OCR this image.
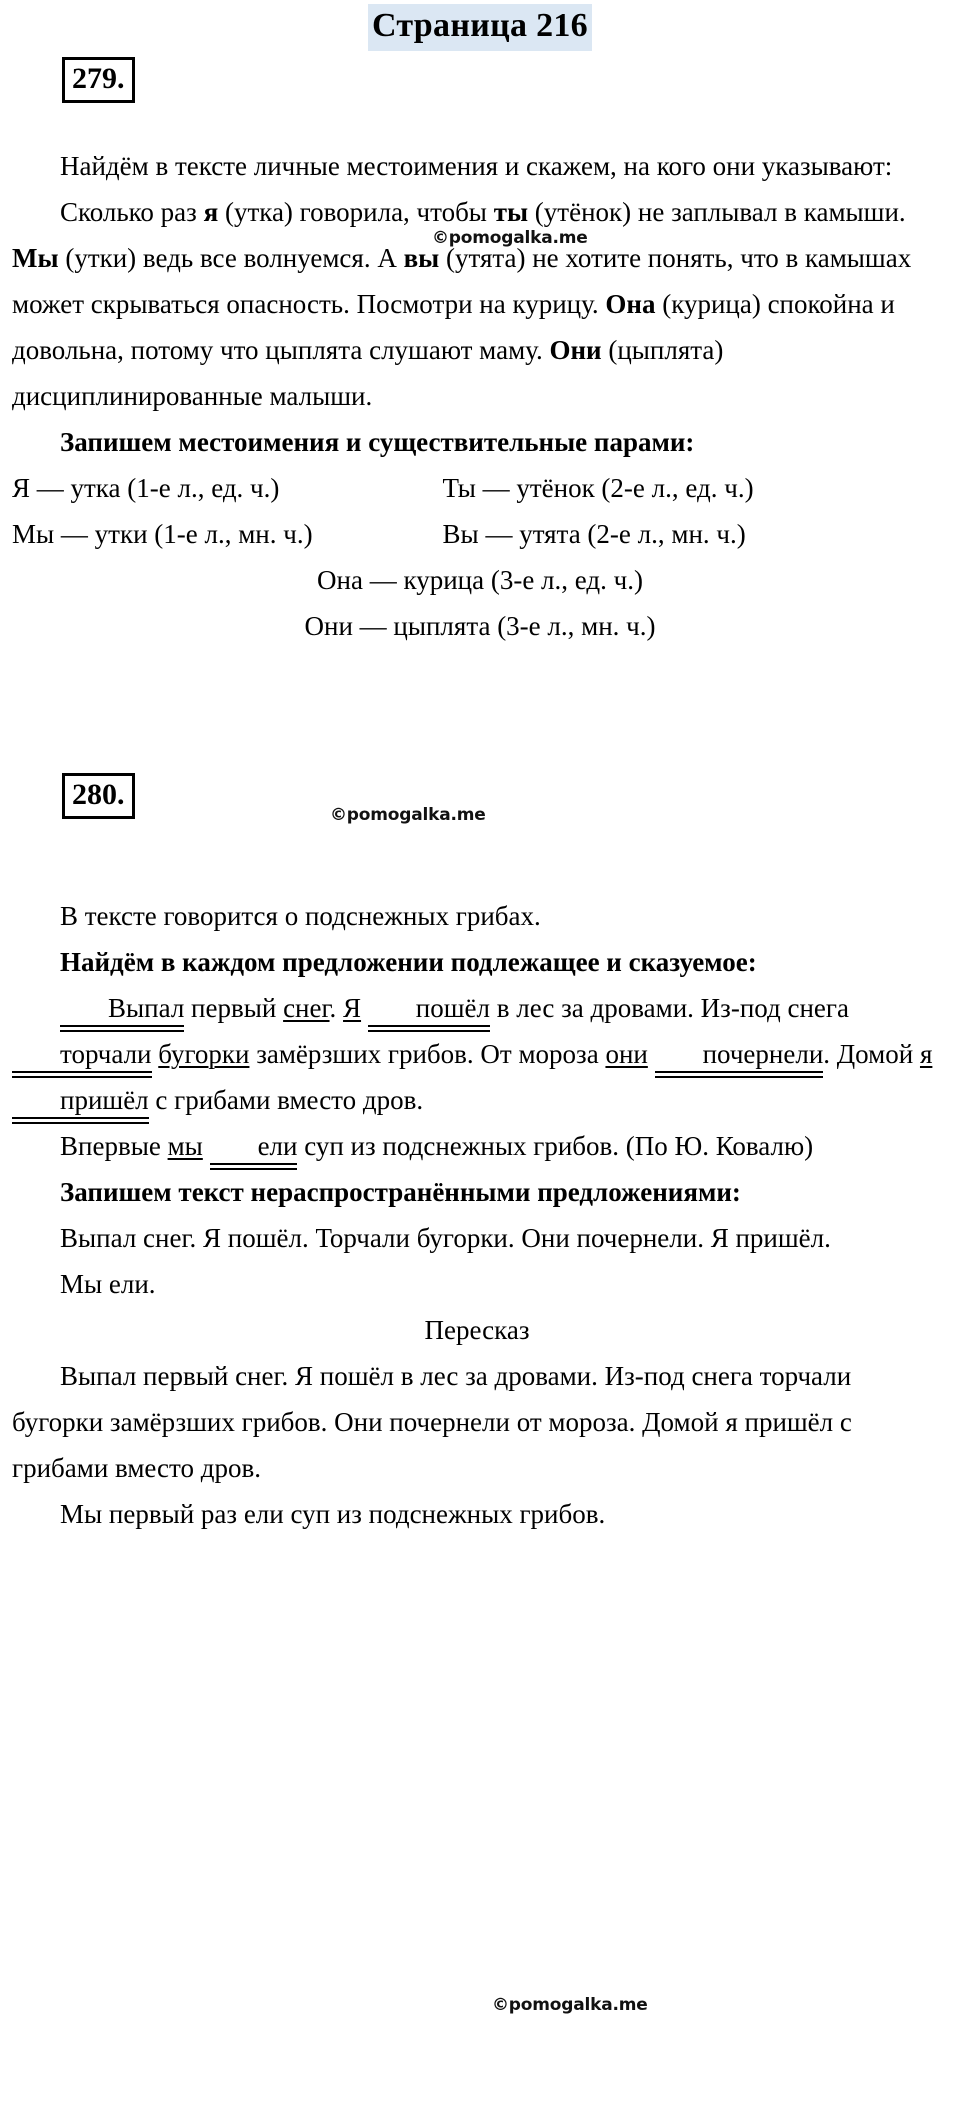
Страница 216
279.

Найдём в тексте личные местоимения и скажем, на кого они указывают:

Сколько раз я (утка) говорила, чтобы ты (утёнок) не заплывал в камыши. Мы (утки) ведь все волнуемся. А вы (утята) не хотите понять, что в камышах может скрываться опасность. Посмотри на курицу. Она (курица) спокойна и довольна, потому что цыплята слушают маму. Они (цыплята) дисциплинированные малыши.

Запишем местоимения и существительные парами:

Я — утка (1-е л., ед. ч.)	Ты — утёнок (2-е л., ед. ч.)
Мы — утки (1-е л., мн. ч.)	Вы — утята (2-е л., мн. ч.)
Она — курица (3-е л., ед. ч.)
Они — цыплята (3-е л., мн. ч.)
280.

В тексте говорится о подснежных грибах.

Найдём в каждом предложении подлежащее и сказуемое:

Выпал первый снег. Я пошёл в лес за дровами. Из-под снега торчали бугорки замёрзших грибов. От мороза они почернели. Домой я пришёл с грибами вместо дров.

Впервые мы ели суп из подснежных грибов. (По Ю. Ковалю)

Запишем текст нераспространёнными предложениями:

Выпал снег. Я пошёл. Торчали бугорки. Они почернели. Я пришёл.

Мы ели.

Пересказ

Выпал первый снег. Я пошёл в лес за дровами. Из-под снега торчали бугорки замёрзших грибов. Они почернели от мороза. Домой я пришёл с грибами вместо дров.

Мы первый раз ели суп из подснежных грибов.

©pomogalka.me
©pomogalka.me
©pomogalka.me
